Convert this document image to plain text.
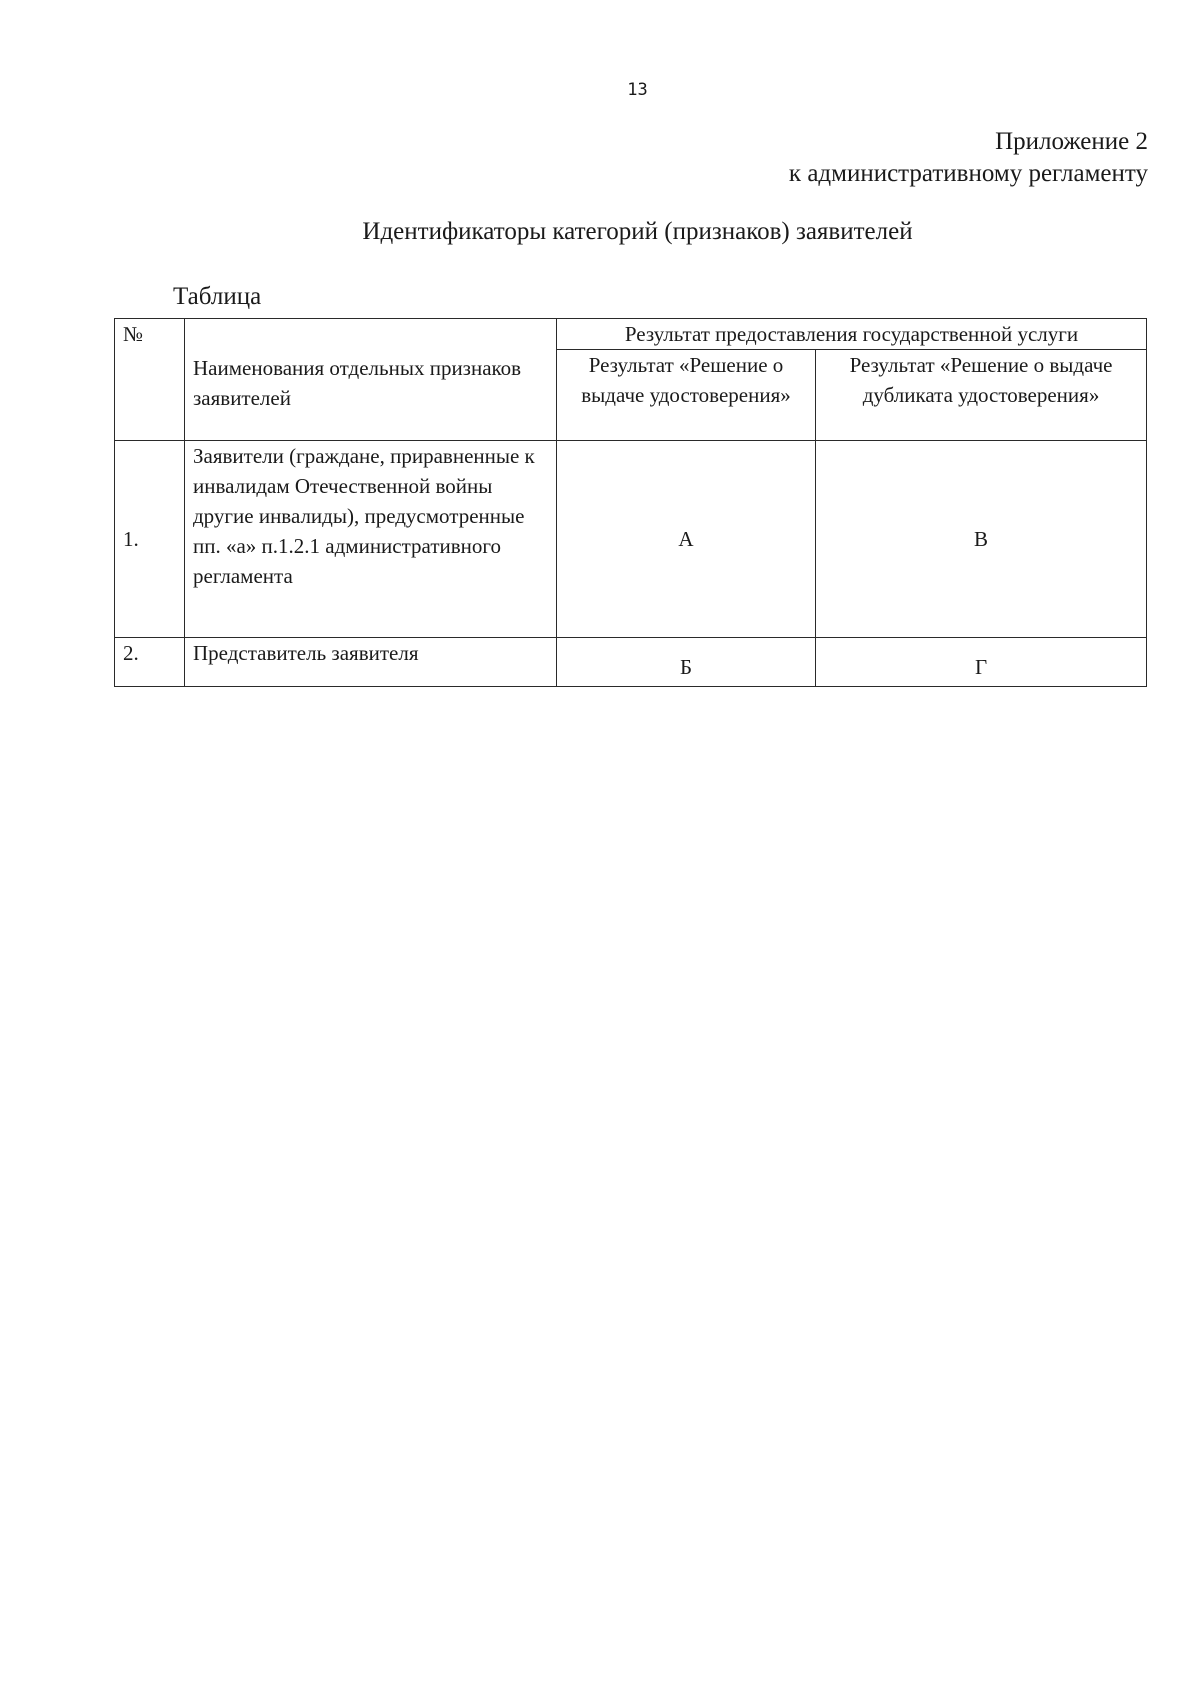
13
Приложение 2
к административному регламенту
Идентификаторы категорий (признаков) заявителей
Таблица
№	Наименования отдельных признаков заявителей	Результат предоставления государственной услуги	
		Результат «Решение о выдаче удостоверения»	Результат «Решение о выдаче дубликата удостоверения»
1.	Заявители (граждане, приравненные к инвалидам Отечественной войны другие инвалиды), предусмотренные пп. «а» п.1.2.1 административного регламента	А	В
2.	Представитель заявителя	Б	Г
